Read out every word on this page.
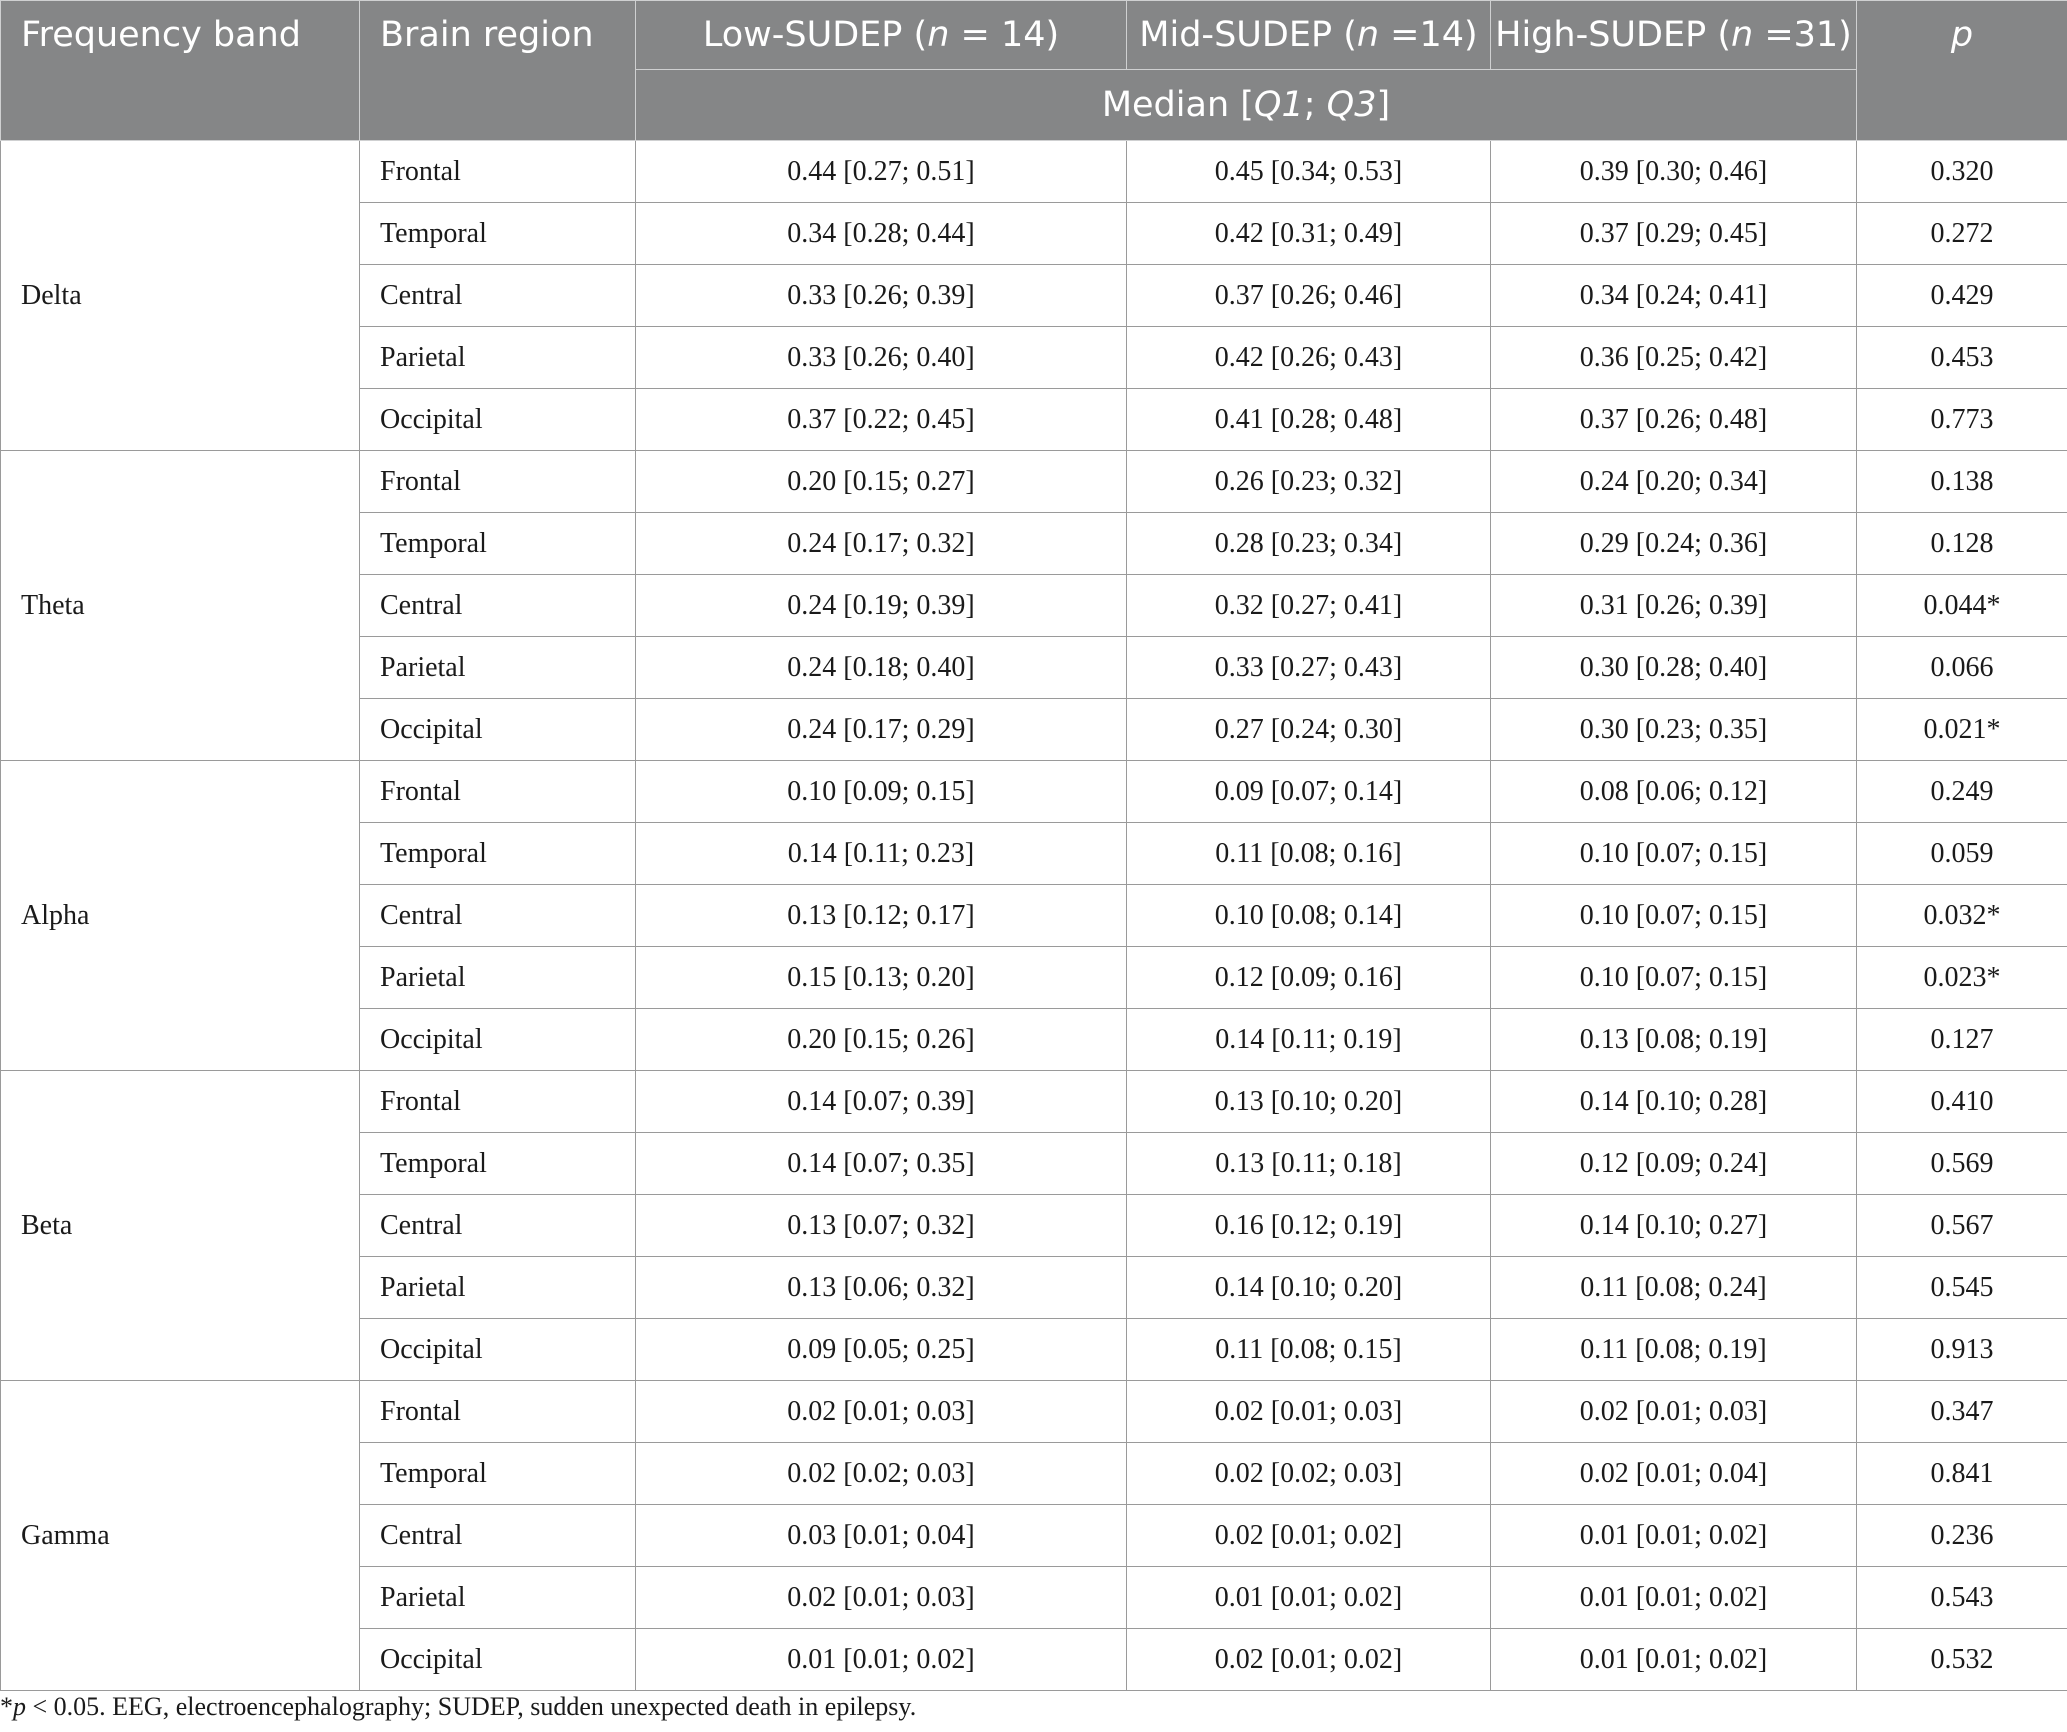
Frequency band	Brain region	Low-SUDEP (n = 14)	Mid-SUDEP (n =14)	High-SUDEP (n =31)	p
		Median [Q1; Q3]			
Delta	Frontal	0.44 [0.27; 0.51]	0.45 [0.34; 0.53]	0.39 [0.30; 0.46]	0.320
	Temporal	0.34 [0.28; 0.44]	0.42 [0.31; 0.49]	0.37 [0.29; 0.45]	0.272
	Central	0.33 [0.26; 0.39]	0.37 [0.26; 0.46]	0.34 [0.24; 0.41]	0.429
	Parietal	0.33 [0.26; 0.40]	0.42 [0.26; 0.43]	0.36 [0.25; 0.42]	0.453
	Occipital	0.37 [0.22; 0.45]	0.41 [0.28; 0.48]	0.37 [0.26; 0.48]	0.773
Theta	Frontal	0.20 [0.15; 0.27]	0.26 [0.23; 0.32]	0.24 [0.20; 0.34]	0.138
	Temporal	0.24 [0.17; 0.32]	0.28 [0.23; 0.34]	0.29 [0.24; 0.36]	0.128
	Central	0.24 [0.19; 0.39]	0.32 [0.27; 0.41]	0.31 [0.26; 0.39]	0.044*
	Parietal	0.24 [0.18; 0.40]	0.33 [0.27; 0.43]	0.30 [0.28; 0.40]	0.066
	Occipital	0.24 [0.17; 0.29]	0.27 [0.24; 0.30]	0.30 [0.23; 0.35]	0.021*
Alpha	Frontal	0.10 [0.09; 0.15]	0.09 [0.07; 0.14]	0.08 [0.06; 0.12]	0.249
	Temporal	0.14 [0.11; 0.23]	0.11 [0.08; 0.16]	0.10 [0.07; 0.15]	0.059
	Central	0.13 [0.12; 0.17]	0.10 [0.08; 0.14]	0.10 [0.07; 0.15]	0.032*
	Parietal	0.15 [0.13; 0.20]	0.12 [0.09; 0.16]	0.10 [0.07; 0.15]	0.023*
	Occipital	0.20 [0.15; 0.26]	0.14 [0.11; 0.19]	0.13 [0.08; 0.19]	0.127
Beta	Frontal	0.14 [0.07; 0.39]	0.13 [0.10; 0.20]	0.14 [0.10; 0.28]	0.410
	Temporal	0.14 [0.07; 0.35]	0.13 [0.11; 0.18]	0.12 [0.09; 0.24]	0.569
	Central	0.13 [0.07; 0.32]	0.16 [0.12; 0.19]	0.14 [0.10; 0.27]	0.567
	Parietal	0.13 [0.06; 0.32]	0.14 [0.10; 0.20]	0.11 [0.08; 0.24]	0.545
	Occipital	0.09 [0.05; 0.25]	0.11 [0.08; 0.15]	0.11 [0.08; 0.19]	0.913
Gamma	Frontal	0.02 [0.01; 0.03]	0.02 [0.01; 0.03]	0.02 [0.01; 0.03]	0.347
	Temporal	0.02 [0.02; 0.03]	0.02 [0.02; 0.03]	0.02 [0.01; 0.04]	0.841
	Central	0.03 [0.01; 0.04]	0.02 [0.01; 0.02]	0.01 [0.01; 0.02]	0.236
	Parietal	0.02 [0.01; 0.03]	0.01 [0.01; 0.02]	0.01 [0.01; 0.02]	0.543
	Occipital	0.01 [0.01; 0.02]	0.02 [0.01; 0.02]	0.01 [0.01; 0.02]	0.532
*p < 0.05. EEG, electroencephalography; SUDEP, sudden unexpected death in epilepsy.
